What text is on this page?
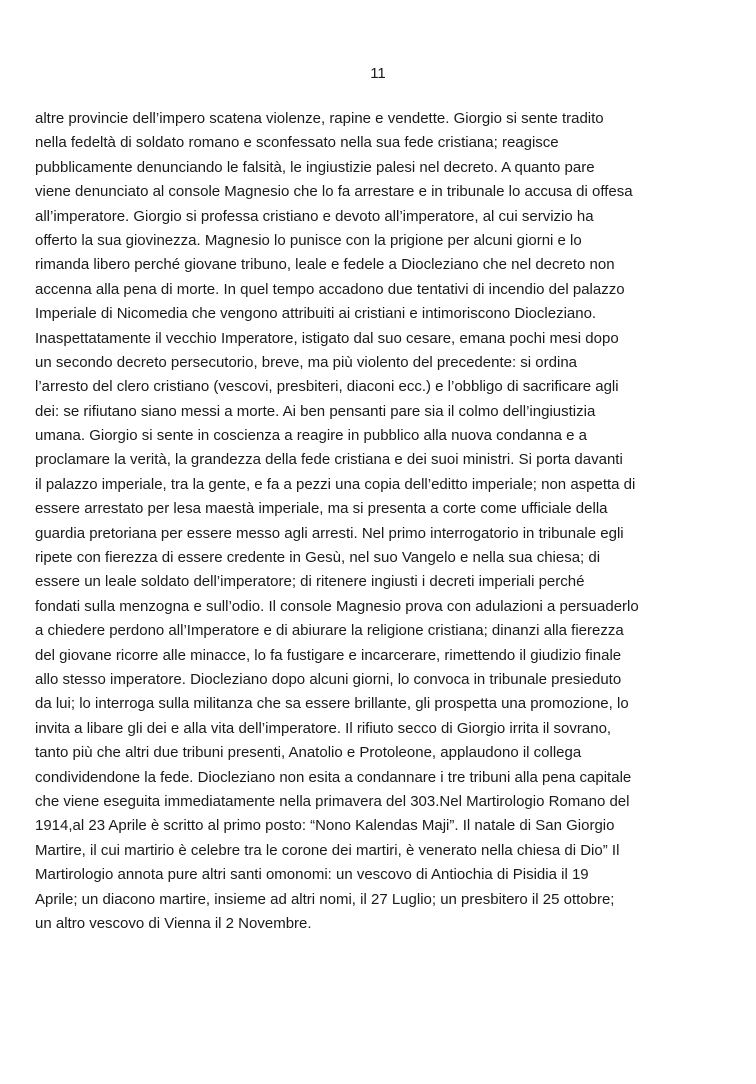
11
altre provincie dell’impero scatena violenze, rapine e vendette. Giorgio si sente tradito
nella fedeltà di soldato romano e sconfessato nella sua fede cristiana; reagisce
pubblicamente denunciando le falsità, le ingiustizie palesi nel decreto. A quanto pare
viene denunciato al console Magnesio che lo fa arrestare e in tribunale lo accusa di offesa
all’imperatore. Giorgio si professa cristiano e devoto all’imperatore, al cui servizio ha
offerto la sua giovinezza. Magnesio lo punisce con la prigione per alcuni giorni e lo
rimanda libero perché giovane tribuno, leale e fedele a Diocleziano che nel decreto non
accenna alla pena di morte. In quel tempo accadono due tentativi di incendio del palazzo
Imperiale di Nicomedia che vengono attribuiti ai cristiani e intimoriscono Diocleziano.
Inaspettatamente il vecchio Imperatore, istigato dal suo cesare, emana pochi mesi dopo
un secondo decreto persecutorio, breve, ma più violento del precedente: si ordina
l’arresto del clero cristiano (vescovi, presbiteri, diaconi ecc.) e l’obbligo di sacrificare agli
dei: se rifiutano siano messi a morte. Ai ben pensanti pare sia il colmo dell’ingiustizia
umana. Giorgio si sente in coscienza a reagire in pubblico alla nuova condanna e a
proclamare la verità, la grandezza della fede cristiana e dei suoi ministri. Si porta davanti
il palazzo imperiale, tra la gente, e fa a pezzi una copia dell’editto imperiale; non aspetta di
essere arrestato per lesa maestà imperiale, ma si presenta a corte come ufficiale della
guardia pretoriana per essere messo agli arresti. Nel primo interrogatorio in tribunale egli
ripete con fierezza di essere credente in Gesù, nel suo Vangelo e nella sua chiesa; di
essere un leale soldato dell’imperatore; di ritenere ingiusti i decreti imperiali perché
fondati sulla menzogna e sull’odio. Il console Magnesio prova con adulazioni a persuaderlo
a chiedere perdono all’Imperatore e di abiurare la religione cristiana; dinanzi alla fierezza
del giovane ricorre alle minacce, lo fa fustigare e incarcerare, rimettendo il giudizio finale
allo stesso imperatore. Diocleziano dopo alcuni giorni, lo convoca in tribunale presieduto
da lui; lo interroga sulla militanza che sa essere brillante, gli prospetta una promozione, lo
invita a libare gli dei e alla vita dell’imperatore. Il rifiuto secco di Giorgio irrita il sovrano,
tanto più che altri due tribuni presenti, Anatolio e Protoleone, applaudono il collega
condividendone la fede. Diocleziano non esita a condannare i tre tribuni alla pena capitale
che viene eseguita immediatamente nella primavera del 303.Nel Martirologio Romano del
1914,al 23 Aprile è scritto al primo posto: “Nono Kalendas Maji”. Il natale di San Giorgio
Martire, il cui martirio è celebre tra le corone dei martiri, è venerato nella chiesa di Dio” Il
Martirologio annota pure altri santi omonomi: un vescovo di Antiochia di Pisidia il 19
Aprile; un diacono martire, insieme ad altri nomi, il 27 Luglio; un presbitero il 25 ottobre;
un altro vescovo di Vienna il 2 Novembre.
